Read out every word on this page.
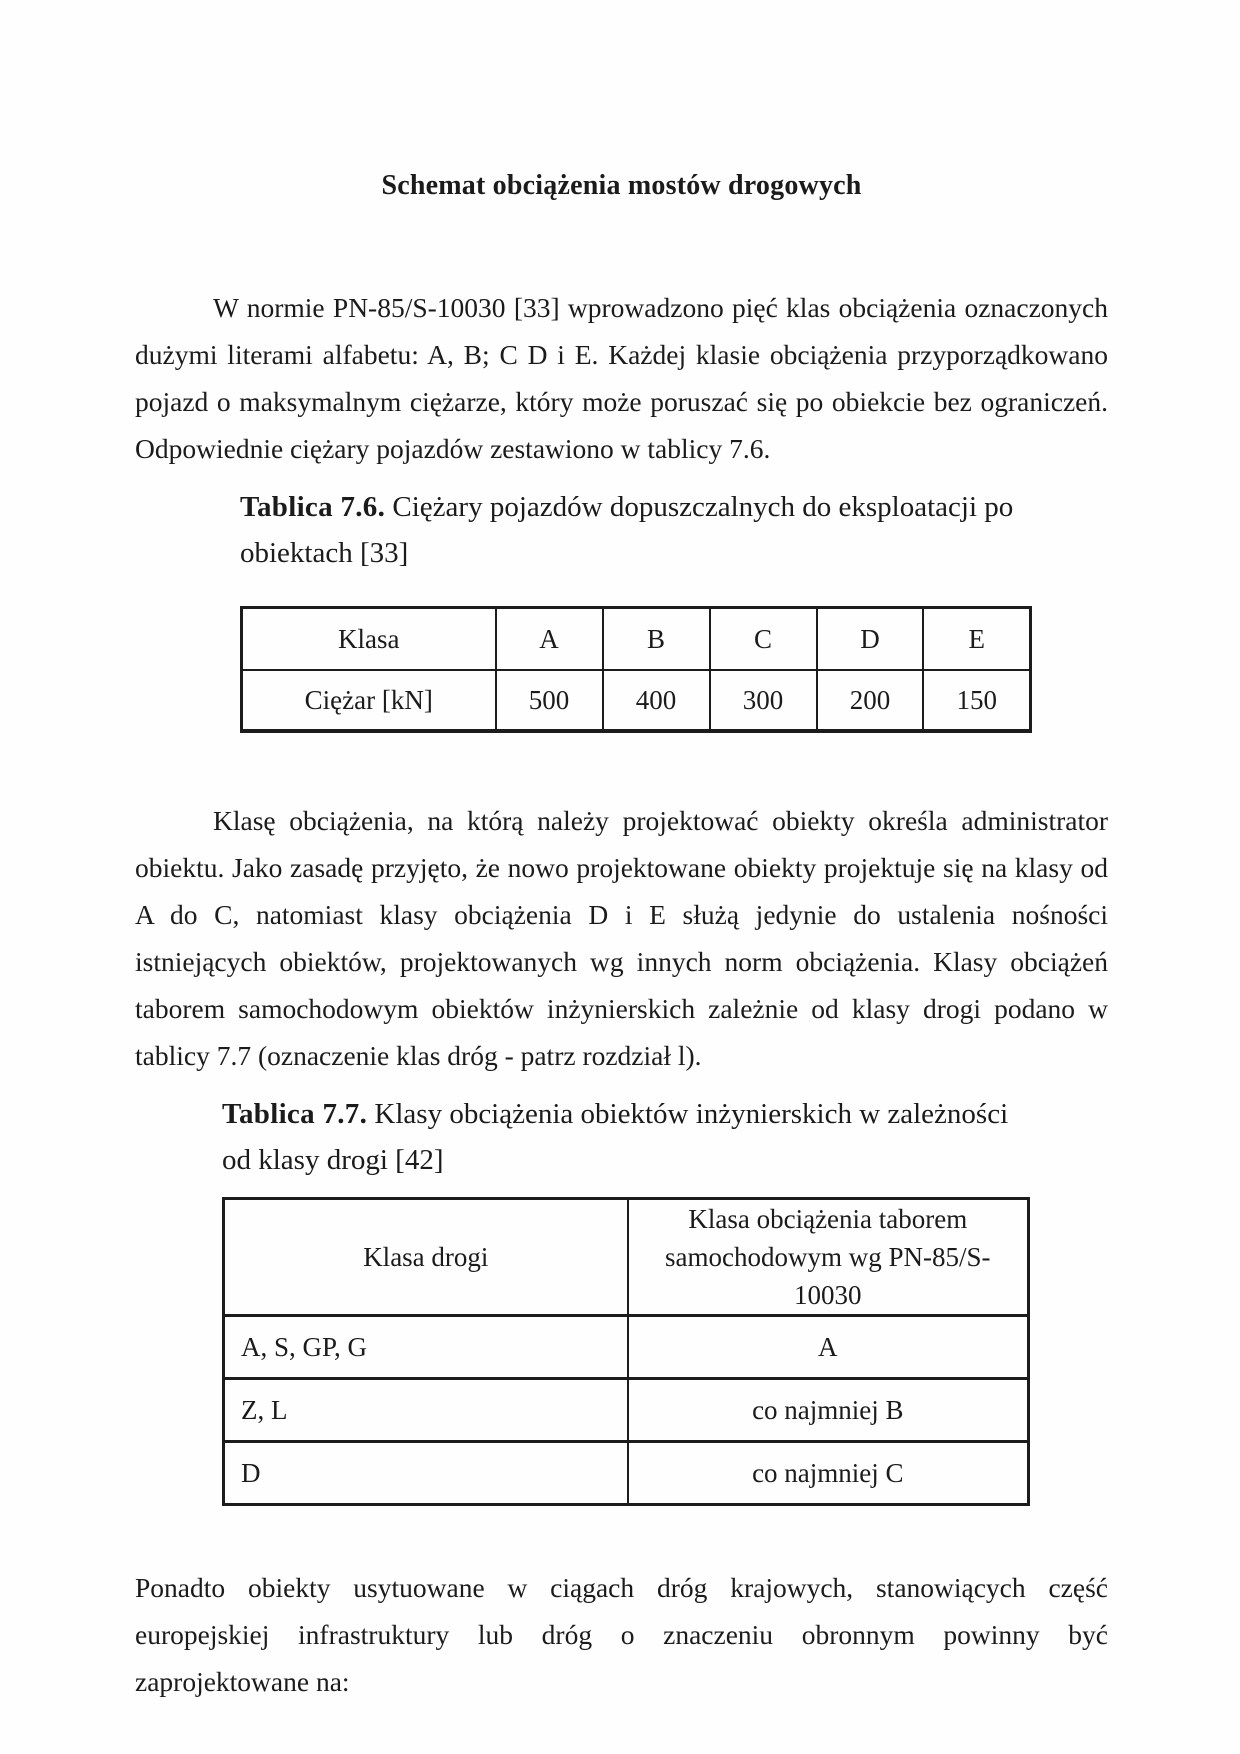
Schemat obciążenia mostów drogowych
W normie PN-85/S-10030 [33] wprowadzono pięć klas obciążenia oznaczonych dużymi literami alfabetu: A, B; C D i E. Każdej klasie obciążenia przyporządkowano pojazd o maksymalnym ciężarze, który może poruszać się po obiekcie bez ograniczeń. Odpowiednie ciężary pojazdów zestawiono w tablicy 7.6.
Tablica 7.6. Ciężary pojazdów dopuszczalnych do eksploatacji po obiektach [33]
Klasa	A	B	C	D	E
Ciężar [kN]	500	400	300	200	150
Klasę obciążenia, na którą należy projektować obiekty określa administrator obiektu. Jako zasadę przyjęto, że nowo projektowane obiekty projektuje się na klasy od A do C, natomiast klasy obciążenia D i E służą jedynie do ustalenia nośności istniejących obiektów, projektowanych wg innych norm obciążenia. Klasy obciążeń taborem samochodowym obiektów inżynierskich zależnie od klasy drogi podano w tablicy 7.7 (oznaczenie klas dróg - patrz rozdział l).
Tablica 7.7. Klasy obciążenia obiektów inżynierskich w zależności od klasy drogi [42]
Klasa drogi	Klasa obciążenia taborem samochodowym wg PN-85/S-10030
A, S, GP, G	A
Z, L	co najmniej B
D	co najmniej C
Ponadto obiekty usytuowane w ciągach dróg krajowych, stanowiących część europejskiej infrastruktury lub dróg o znaczeniu obronnym powinny być zaprojektowane na:
